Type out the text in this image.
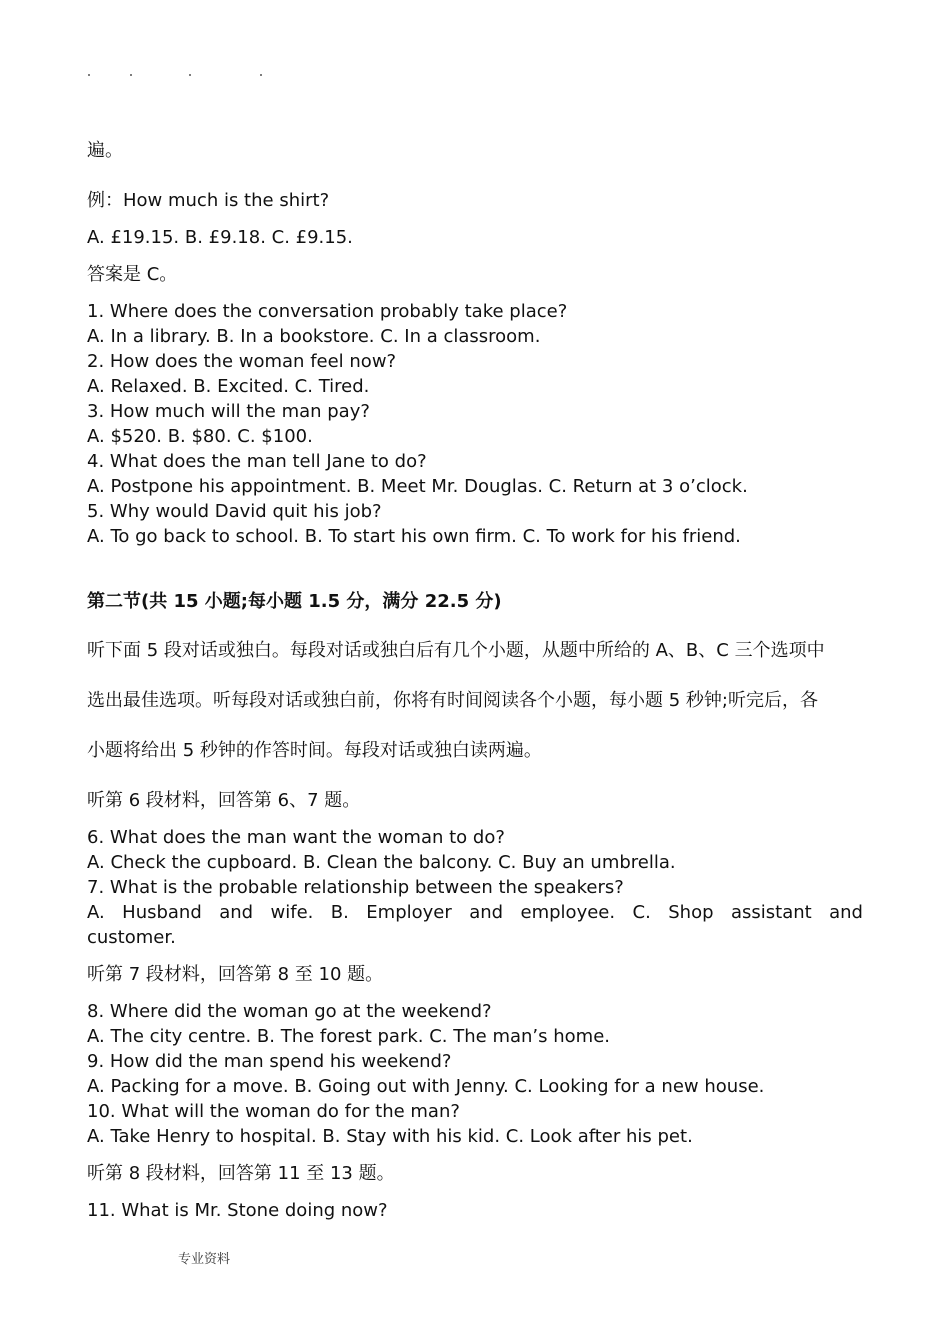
遍。

例：How much is the shirt?

A. £19.15. B. £9.18. C. £9.15.

答案是 C。

1. Where does the conversation probably take place?

A. In a library. B. In a bookstore. C. In a classroom.

2. How does the woman feel now?

A. Relaxed. B. Excited. C. Tired.

3. How much will the man pay?

A. $520. B. $80. C. $100.

4. What does the man tell Jane to do?

A. Postpone his appointment. B. Meet Mr. Douglas. C. Return at 3 o’clock.

5. Why would David quit his job?

A. To go back to school. B. To start his own firm. C. To work for his friend.

第二节(共 15 小题;每小题 1.5 分，满分 22.5 分)

听下面 5 段对话或独白。每段对话或独白后有几个小题，从题中所给的 A、B、C 三个选项中

选出最佳选项。听每段对话或独白前，你将有时间阅读各个小题，每小题 5 秒钟;听完后，各

小题将给出 5 秒钟的作答时间。每段对话或独白读两遍。

听第 6 段材料，回答第 6、7 题。

6. What does the man want the woman to do?

A. Check the cupboard. B. Clean the balcony. C. Buy an umbrella.

7. What is the probable relationship between the speakers?

A. Husband and wife. B. Employer and employee. C. Shop assistant and

customer.

听第 7 段材料，回答第 8 至 10 题。

8. Where did the woman go at the weekend?

A. The city centre. B. The forest park. C. The man’s home.

9. How did the man spend his weekend?

A. Packing for a move. B. Going out with Jenny. C. Looking for a new house.

10. What will the woman do for the man?

A. Take Henry to hospital. B. Stay with his kid. C. Look after his pet.

听第 8 段材料，回答第 11 至 13 题。

11. What is Mr. Stone doing now?

专业资料
